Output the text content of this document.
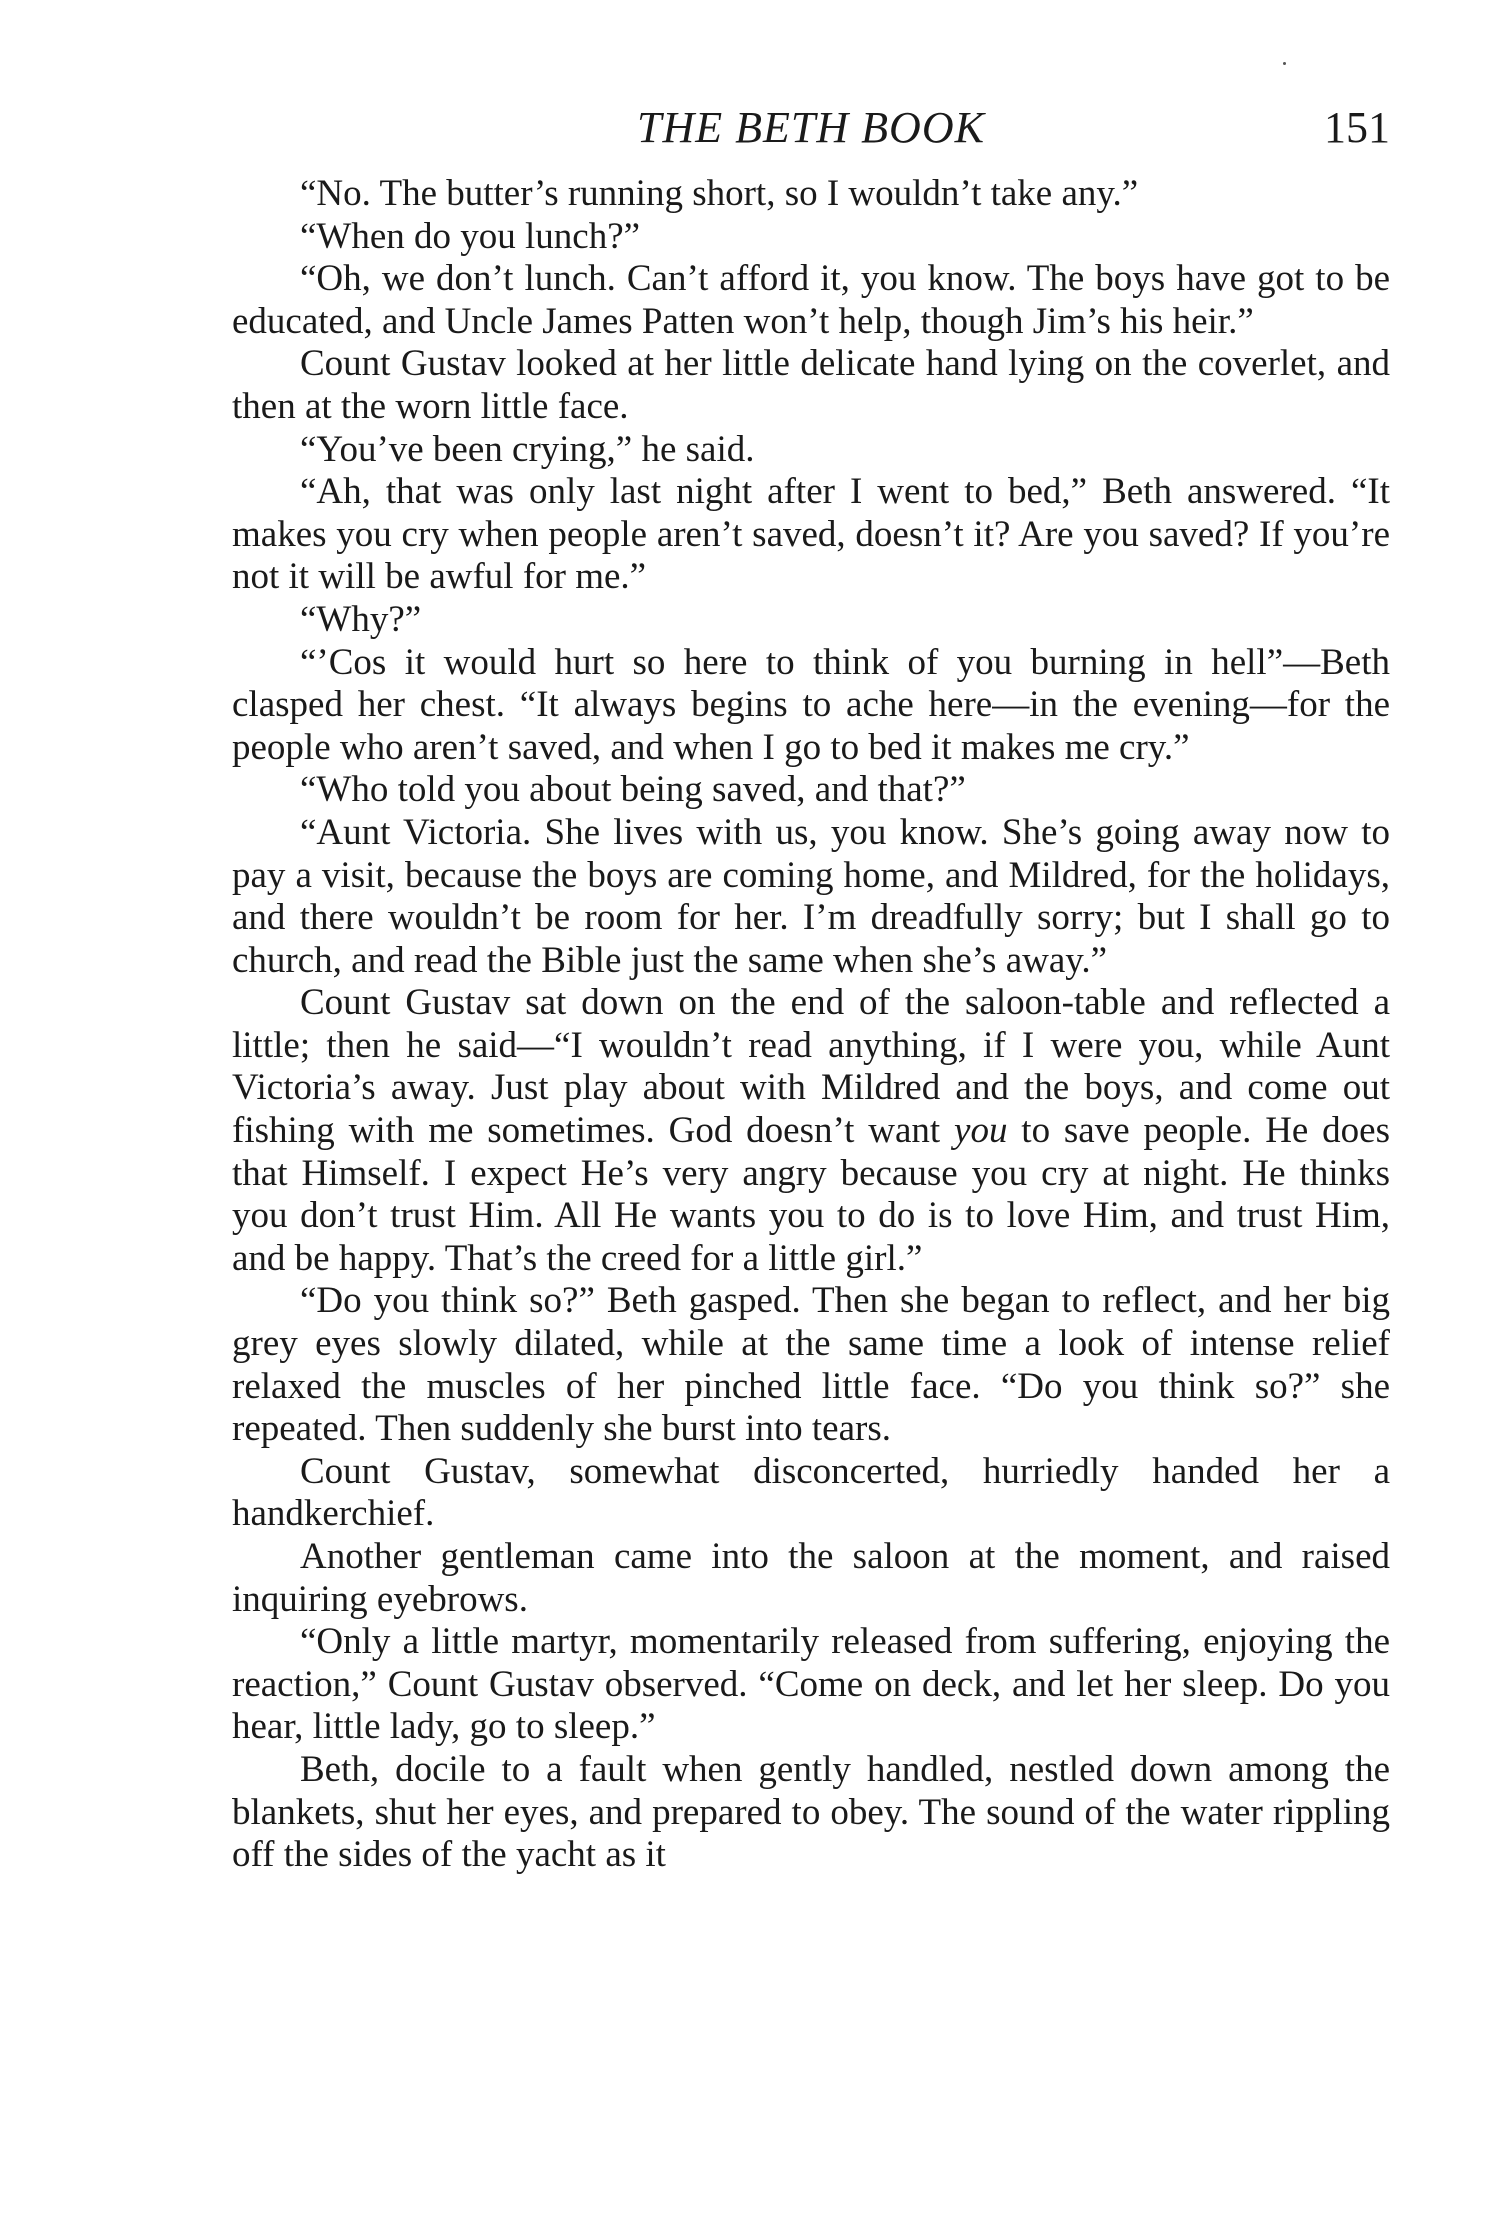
THE BETH BOOK	151

“No. The butter’s running short, so I wouldn’t take any.”

“When do you lunch?”

“Oh, we don’t lunch. Can’t afford it, you know. The boys have got to be educated, and Uncle James Patten won’t help, though Jim’s his heir.”

Count Gustav looked at her little delicate hand lying on the coverlet, and then at the worn little face.

“You’ve been crying,” he said.

“Ah, that was only last night after I went to bed,” Beth answered. “It makes you cry when people aren’t saved, doesn’t it? Are you saved? If you’re not it will be awful for me.”

“Why?”

“’Cos it would hurt so here to think of you burning in hell”—Beth clasped her chest. “It always begins to ache here—in the evening—for the people who aren’t saved, and when I go to bed it makes me cry.”

“Who told you about being saved, and that?”

“Aunt Victoria. She lives with us, you know. She’s going away now to pay a visit, because the boys are coming home, and Mildred, for the holidays, and there wouldn’t be room for her. I’m dreadfully sorry; but I shall go to church, and read the Bible just the same when she’s away.”

Count Gustav sat down on the end of the saloon-table and reflected a little; then he said—“I wouldn’t read anything, if I were you, while Aunt Victoria’s away. Just play about with Mildred and the boys, and come out fishing with me sometimes. God doesn’t want you to save people. He does that Himself. I expect He’s very angry because you cry at night. He thinks you don’t trust Him. All He wants you to do is to love Him, and trust Him, and be happy. That’s the creed for a little girl.”

“Do you think so?” Beth gasped. Then she began to reflect, and her big grey eyes slowly dilated, while at the same time a look of intense relief relaxed the muscles of her pinched little face. “Do you think so?” she repeated. Then suddenly she burst into tears.

Count Gustav, somewhat disconcerted, hurriedly handed her a handkerchief.

Another gentleman came into the saloon at the moment, and raised inquiring eyebrows.

“Only a little martyr, momentarily released from suffering, enjoying the reaction,” Count Gustav observed. “Come on deck, and let her sleep. Do you hear, little lady, go to sleep.”

Beth, docile to a fault when gently handled, nestled down among the blankets, shut her eyes, and prepared to obey. The sound of the water rippling off the sides of the yacht as it
